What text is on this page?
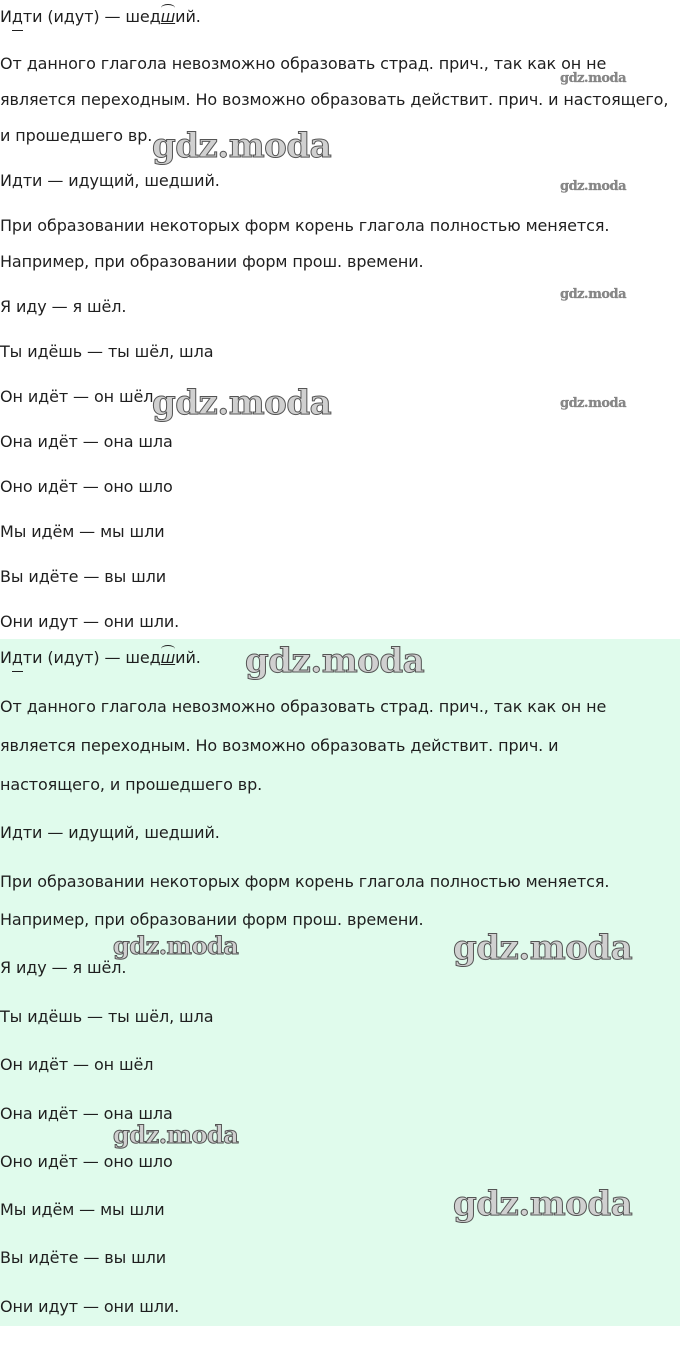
Идти (идут) — шедший.
От данного глагола невозможно образовать страд. прич., так как он не
является переходным. Но возможно образовать действит. прич. и настоящего,
и прошедшего вр.
Идти — идущий, шедший.
При образовании некоторых форм корень глагола полностью меняется.
Например, при образовании форм прош. времени.
Я иду — я шёл.
Ты идёшь — ты шёл, шла
Он идёт — он шёл
Она идёт — она шла
Оно идёт — оно шло
Мы идём — мы шли
Вы идёте — вы шли
Они идут — они шли.
Идти (идут) — шедший.
От данного глагола невозможно образовать страд. прич., так как он не
является переходным. Но возможно образовать действит. прич. и
настоящего, и прошедшего вр.
Идти — идущий, шедший.
При образовании некоторых форм корень глагола полностью меняется.
Например, при образовании форм прош. времени.
Я иду — я шёл.
Ты идёшь — ты шёл, шла
Он идёт — он шёл
Она идёт — она шла
Оно идёт — оно шло
Мы идём — мы шли
Вы идёте — вы шли
Они идут — они шли.
gdz.moda
gdz.moda
gdz.moda
gdz.moda
gdz.moda	gdz.moda
gdz.moda
gdz.moda	gdz.moda
gdz.moda
gdz.moda
